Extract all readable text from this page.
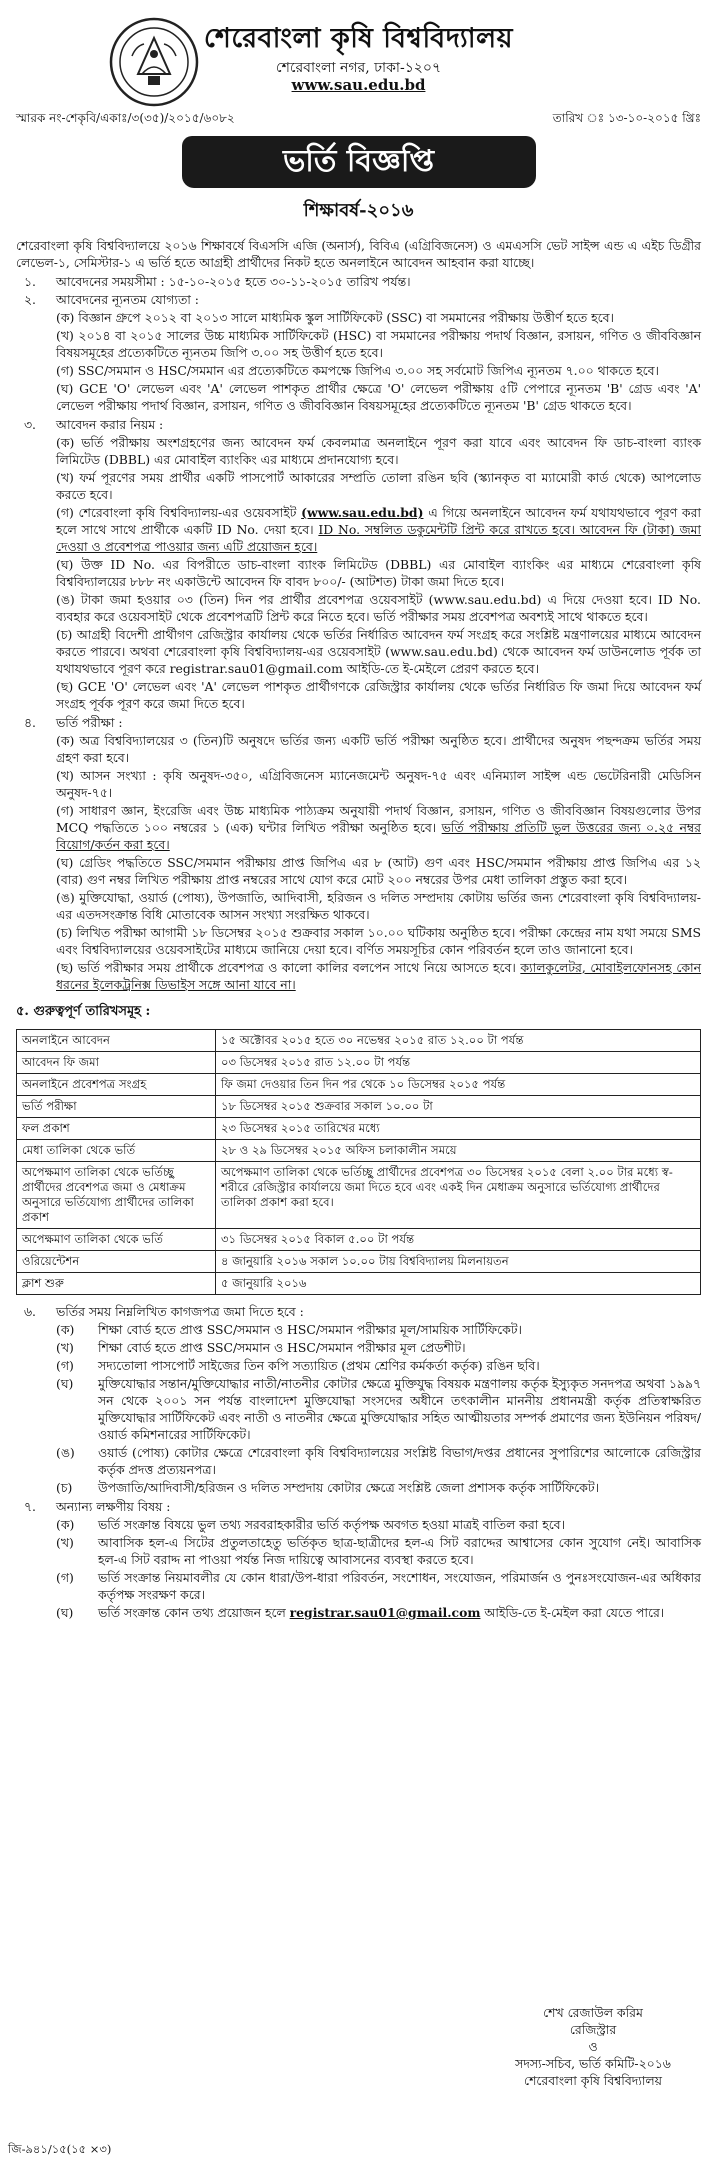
শেরেবাংলা কৃষি বিশ্ববিদ্যালয়
শেরেবাংলা নগর, ঢাকা-১২০৭
www.sau.edu.bd
স্মারক নং-শেকৃবি/একাঃ/৩(৩৫)/২০১৫/৬০৮২	তারিখ ঃ ১৩-১০-২০১৫ খ্রিঃ
ভর্তি বিজ্ঞপ্তি
শিক্ষাবর্ষ-২০১৬
শেরেবাংলা কৃষি বিশ্ববিদ্যালয়ে ২০১৬ শিক্ষাবর্ষে বিএসসি এজি (অনার্স), বিবিএ (এগ্রিবিজনেস) ও এমএসসি ভেট সাইন্স এন্ড এ এইচ ডিগ্রীর লেভেল-১, সেমিস্টার-১ এ ভর্তি হতে আগ্রহী প্রার্থীদের নিকট হতে অনলাইনে আবেদন আহবান করা যাচ্ছে।
১.	আবেদনের সময়সীমা : ১৫-১০-২০১৫ হতে ৩০-১১-২০১৫ তারিখ পর্যন্ত।
২.	আবেদনের ন্যূনতম যোগ্যতা :
(ক) বিজ্ঞান গ্রুপে ২০১২ বা ২০১৩ সালে মাধ্যমিক স্কুল সার্টিফিকেট (SSC) বা সমমানের পরীক্ষায় উত্তীর্ণ হতে হবে।
(খ) ২০১৪ বা ২০১৫ সালের উচ্চ মাধ্যমিক সার্টিফিকেট (HSC) বা সমমানের পরীক্ষায় পদার্থ বিজ্ঞান, রসায়ন, গণিত ও জীববিজ্ঞান বিষয়সমূহের প্রত্যেকটিতে ন্যূনতম জিপি ৩.০০ সহ উত্তীর্ণ হতে হবে।
(গ) SSC/সমমান ও HSC/সমমান এর প্রত্যেকটিতে কমপক্ষে জিপিএ ৩.০০ সহ সর্বমোট জিপিএ ন্যূনতম ৭.০০ থাকতে হবে।
(ঘ) GCE 'O' লেভেল এবং 'A' লেভেল পাশকৃত প্রার্থীর ক্ষেত্রে 'O' লেভেল পরীক্ষায় ৫টি পেপারে ন্যূনতম 'B' গ্রেড এবং 'A' লেভেল পরীক্ষায় পদার্থ বিজ্ঞান, রসায়ন, গণিত ও জীববিজ্ঞান বিষয়সমূহের প্রত্যেকটিতে ন্যূনতম 'B' গ্রেড থাকতে হবে।
৩.	আবেদন করার নিয়ম :
(ক) ভর্তি পরীক্ষায় অংশগ্রহণের জন্য আবেদন ফর্ম কেবলমাত্র অনলাইনে পূরণ করা যাবে এবং আবেদন ফি ডাচ-বাংলা ব্যাংক লিমিটেড (DBBL) এর মোবাইল ব্যাংকিং এর মাধ্যমে প্রদানযোগ্য হবে।
(খ) ফর্ম পূরণের সময় প্রার্থীর একটি পাসপোর্ট আকারের সম্প্রতি তোলা রঙিন ছবি (স্ক্যানকৃত বা ম্যামোরী কার্ড থেকে) আপলোড করতে হবে।
(গ) শেরেবাংলা কৃষি বিশ্ববিদ্যালয়-এর ওয়েবসাইট (www.sau.edu.bd) এ গিয়ে অনলাইনে আবেদন ফর্ম যথাযথভাবে পূরণ করা হলে সাথে সাথে প্রার্থীকে একটি ID No. দেয়া হবে। ID No. সম্বলিত ডকুমেন্টটি প্রিন্ট করে রাখতে হবে। আবেদন ফি (টাকা) জমা দেওয়া ও প্রবেশপত্র পাওয়ার জন্য এটি প্রয়োজন হবে।
(ঘ) উক্ত ID No. এর বিপরীতে ডাচ-বাংলা ব্যাংক লিমিটেড (DBBL) এর মোবাইল ব্যাংকিং এর মাধ্যমে শেরেবাংলা কৃষি বিশ্ববিদ্যালয়ের ৮৮৮ নং একাউন্টে আবেদন ফি বাবদ ৮০০/- (আটশত) টাকা জমা দিতে হবে।
(ঙ) টাকা জমা হওয়ার ০৩ (তিন) দিন পর প্রার্থীর প্রবেশপত্র ওয়েবসাইট (www.sau.edu.bd) এ দিয়ে দেওয়া হবে। ID No. ব্যবহার করে ওয়েবসাইট থেকে প্রবেশপত্রটি প্রিন্ট করে নিতে হবে। ভর্তি পরীক্ষার সময় প্রবেশপত্র অবশ্যই সাথে থাকতে হবে।
(চ) আগ্রহী বিদেশী প্রার্থীগণ রেজিস্ট্রার কার্যালয় থেকে ভর্তির নির্ধারিত আবেদন ফর্ম সংগ্রহ করে সংশ্লিষ্ট মন্ত্রণালয়ের মাধ্যমে আবেদন করতে পারবে। অথবা শেরেবাংলা কৃষি বিশ্ববিদ্যালয়-এর ওয়েবসাইট (www.sau.edu.bd) থেকে আবেদন ফর্ম ডাউনলোড পূর্বক তা যথাযথভাবে পূরণ করে registrar.sau01@gmail.com আইডি-তে ই-মেইলে প্রেরণ করতে হবে।
(ছ) GCE 'O' লেভেল এবং 'A' লেভেল পাশকৃত প্রার্থীগণকে রেজিস্ট্রার কার্যালয় থেকে ভর্তির নির্ধারিত ফি জমা দিয়ে আবেদন ফর্ম সংগ্রহ পূর্বক পূরণ করে জমা দিতে হবে।
৪.	ভর্তি পরীক্ষা :
(ক) অত্র বিশ্ববিদ্যালয়ের ৩ (তিন)টি অনুষদে ভর্তির জন্য একটি ভর্তি পরীক্ষা অনুষ্ঠিত হবে। প্রার্থীদের অনুষদ পছন্দক্রম ভর্তির সময় গ্রহণ করা হবে।
(খ) আসন সংখ্যা : কৃষি অনুষদ-৩৫০, এগ্রিবিজনেস ম্যানেজমেন্ট অনুষদ-৭৫ এবং এনিম্যাল সাইন্স এন্ড ভেটেরিনারী মেডিসিন অনুষদ-৭৫।
(গ) সাধারণ জ্ঞান, ইংরেজি এবং উচ্চ মাধ্যমিক পাঠ্যক্রম অনুযায়ী পদার্থ বিজ্ঞান, রসায়ন, গণিত ও জীববিজ্ঞান বিষয়গুলোর উপর MCQ পদ্ধতিতে ১০০ নম্বরের ১ (এক) ঘন্টার লিখিত পরীক্ষা অনুষ্ঠিত হবে। ভর্তি পরীক্ষায় প্রতিটি ভুল উত্তরের জন্য ০.২৫ নম্বর বিয়োগ/কর্তন করা হবে।
(ঘ) গ্রেডিং পদ্ধতিতে SSC/সমমান পরীক্ষায় প্রাপ্ত জিপিএ এর ৮ (আট) গুণ এবং HSC/সমমান পরীক্ষায় প্রাপ্ত জিপিএ এর ১২ (বার) গুণ নম্বর লিখিত পরীক্ষায় প্রাপ্ত নম্বরের সাথে যোগ করে মোট ২০০ নম্বরের উপর মেধা তালিকা প্রস্তুত করা হবে।
(ঙ) মুক্তিযোদ্ধা, ওয়ার্ড (পোষ্য), উপজাতি, আদিবাসী, হরিজন ও দলিত সম্প্রদায় কোটায় ভর্তির জন্য শেরেবাংলা কৃষি বিশ্ববিদ্যালয়-এর এতদসংক্রান্ত বিধি মোতাবেক আসন সংখ্যা সংরক্ষিত থাকবে।
(চ) লিখিত পরীক্ষা আগামী ১৮ ডিসেম্বর ২০১৫ শুক্রবার সকাল ১০.০০ ঘটিকায় অনুষ্ঠিত হবে। পরীক্ষা কেন্দ্রের নাম যথা সময়ে SMS এবং বিশ্ববিদ্যালয়ের ওয়েবসাইটের মাধ্যমে জানিয়ে দেয়া হবে। বর্ণিত সময়সূচির কোন পরিবর্তন হলে তাও জানানো হবে।
(ছ) ভর্তি পরীক্ষার সময় প্রার্থীকে প্রবেশপত্র ও কালো কালির বলপেন সাথে নিয়ে আসতে হবে। ক্যালকুলেটর, মোবাইলফোনসহ কোন ধরনের ইলেকট্রনিক্স ডিভাইস সঙ্গে আনা যাবে না।
৫. গুরুত্বপূর্ণ তারিখসমূহ :
অনলাইনে আবেদন	১৫ অক্টোবর ২০১৫ হতে ৩০ নভেম্বর ২০১৫ রাত ১২.০০ টা পর্যন্ত
আবেদন ফি জমা	০৩ ডিসেম্বর ২০১৫ রাত ১২.০০ টা পর্যন্ত
অনলাইনে প্রবেশপত্র সংগ্রহ	ফি জমা দেওয়ার তিন দিন পর থেকে ১০ ডিসেম্বর ২০১৫ পর্যন্ত
ভর্তি পরীক্ষা	১৮ ডিসেম্বর ২০১৫ শুক্রবার সকাল ১০.০০ টা
ফল প্রকাশ	২৩ ডিসেম্বর ২০১৫ তারিখের মধ্যে
মেধা তালিকা থেকে ভর্তি	২৮ ও ২৯ ডিসেম্বর ২০১৫ অফিস চলাকালীন সময়ে
অপেক্ষমাণ তালিকা থেকে ভর্তিচ্ছু প্রার্থীদের প্রবেশপত্র জমা ও মেধাক্রম অনুসারে ভর্তিযোগ্য প্রার্থীদের তালিকা প্রকাশ	অপেক্ষমাণ তালিকা থেকে ভর্তিচ্ছু প্রার্থীদের প্রবেশপত্র ৩০ ডিসেম্বর ২০১৫ বেলা ২.০০ টার মধ্যে স্ব-শরীরে রেজিস্ট্রার কার্যালয়ে জমা দিতে হবে এবং একই দিন মেধাক্রম অনুসারে ভর্তিযোগ্য প্রার্থীদের তালিকা প্রকাশ করা হবে।
অপেক্ষমাণ তালিকা থেকে ভর্তি	৩১ ডিসেম্বর ২০১৫ বিকাল ৫.০০ টা পর্যন্ত
ওরিয়েন্টেশন	৪ জানুয়ারি ২০১৬ সকাল ১০.০০ টায় বিশ্ববিদ্যালয় মিলনায়তন
ক্লাশ শুরু	৫ জানুয়ারি ২০১৬
৬.	ভর্তির সময় নিম্নলিখিত কাগজপত্র জমা দিতে হবে :
(ক)	শিক্ষা বোর্ড হতে প্রাপ্ত SSC/সমমান ও HSC/সমমান পরীক্ষার মূল/সাময়িক সার্টিফিকেট।
(খ)	শিক্ষা বোর্ড হতে প্রাপ্ত SSC/সমমান ও HSC/সমমান পরীক্ষার মূল প্রেডশীট।
(গ)	সদ্যতোলা পাসপোর্ট সাইজের তিন কপি সত্যায়িত (প্রথম শ্রেণির কর্মকর্তা কর্তৃক) রঙিন ছবি।
(ঘ)	মুক্তিযোদ্ধার সন্তান/মুক্তিযোদ্ধার নাতী/নাতনীর কোটার ক্ষেত্রে মুক্তিযুদ্ধ বিষয়ক মন্ত্রণালয় কর্তৃক ইস্যুকৃত সনদপত্র অথবা ১৯৯৭ সন থেকে ২০০১ সন পর্যন্ত বাংলাদেশ মুক্তিযোদ্ধা সংসদের অধীনে তৎকালীন মাননীয় প্রধানমন্ত্রী কর্তৃক প্রতিস্বাক্ষরিত মুক্তিযোদ্ধার সার্টিফিকেট এবং নাতী ও নাতনীর ক্ষেত্রে মুক্তিযোদ্ধার সহিত আত্মীয়তার সম্পর্ক প্রমাণের জন্য ইউনিয়ন পরিষদ/ওয়ার্ড কমিশনারের সার্টিফিকেট।
(ঙ)	ওয়ার্ড (পোষ্য) কোটার ক্ষেত্রে শেরেবাংলা কৃষি বিশ্ববিদ্যালয়ের সংশ্লিষ্ট বিভাগ/দপ্তর প্রধানের সুপারিশের আলোকে রেজিস্ট্রার কর্তৃক প্রদত্ত প্রত্যয়নপত্র।
(চ)	উপজাতি/আদিবাসী/হরিজন ও দলিত সম্প্রদায় কোটার ক্ষেত্রে সংশ্লিষ্ট জেলা প্রশাসক কর্তৃক সার্টিফিকেট।
৭.	অন্যান্য লক্ষণীয় বিষয় :
(ক)	ভর্তি সংক্রান্ত বিষয়ে ভুল তথ্য সরবরাহকারীর ভর্তি কর্তৃপক্ষ অবগত হওয়া মাত্রই বাতিল করা হবে।
(খ)	আবাসিক হল-এ সিটের প্রতুলতাহেতু ভর্তিকৃত ছাত্র-ছাত্রীদের হল-এ সিট বরাদ্দের আশ্বাসের কোন সুযোগ নেই। আবাসিক হল-এ সিট বরাদ্দ না পাওয়া পর্যন্ত নিজ দায়িত্বে আবাসনের ব্যবস্থা করতে হবে।
(গ)	ভর্তি সংক্রান্ত নিয়মাবলীর যে কোন ধারা/উপ-ধারা পরিবর্তন, সংশোধন, সংযোজন, পরিমার্জন ও পুনঃসংযোজন-এর অধিকার কর্তৃপক্ষ সংরক্ষণ করে।
(ঘ)	ভর্তি সংক্রান্ত কোন তথ্য প্রয়োজন হলে registrar.sau01@gmail.com আইডি-তে ই-মেইল করা যেতে পারে।
শেখ রেজাউল করিম
রেজিস্ট্রার
ও
সদস্য-সচিব, ভর্তি কমিটি-২০১৬
শেরেবাংলা কৃষি বিশ্ববিদ্যালয়
জি-৯৪১/১৫(১৫ ×৩)
